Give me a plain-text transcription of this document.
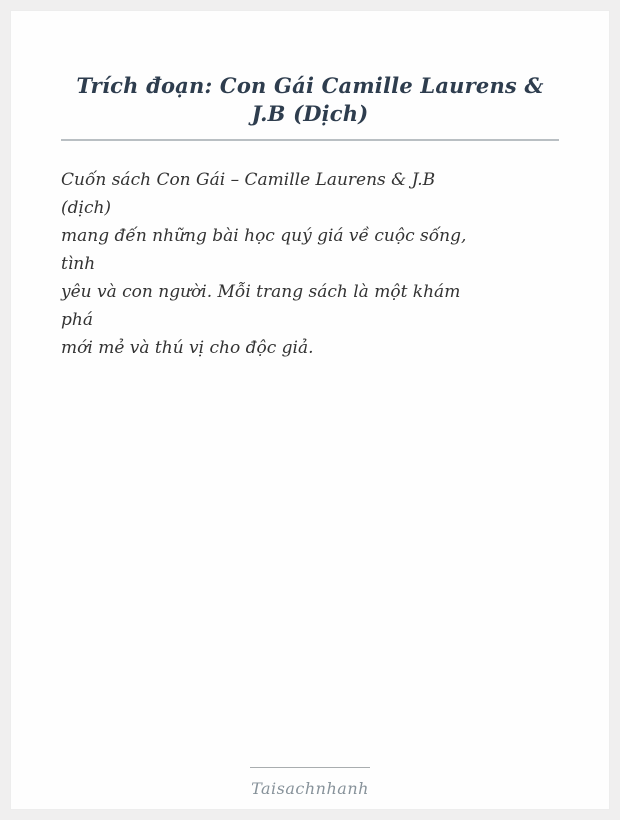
Trích đoạn: Con Gái Camille Laurens & J.B (Dịch)
Cuốn sách Con Gái – Camille Laurens & J.B
(dịch)
mang đến những bài học quý giá về cuộc sống,
tình
yêu và con người. Mỗi trang sách là một khám
phá
mới mẻ và thú vị cho độc giả.
Taisachnhanh
